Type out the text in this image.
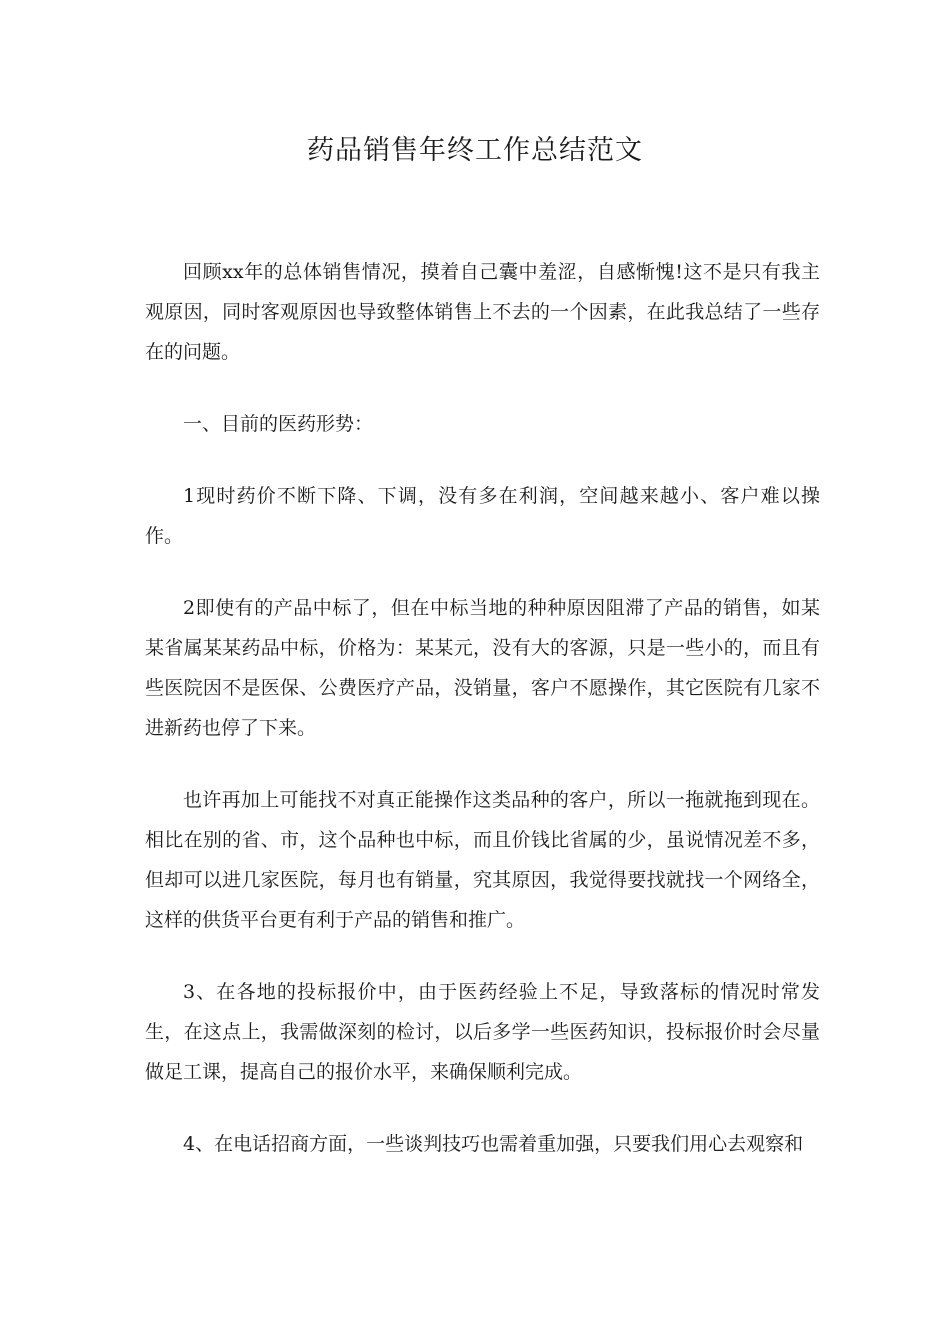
药品销售年终工作总结范文

回顾xx年的总体销售情况，摸着自己囊中羞涩，自感惭愧!这不是只有我主观原因，同时客观原因也导致整体销售上不去的一个因素，在此我总结了一些存在的问题。

一、目前的医药形势：

1现时药价不断下降、下调，没有多在利润，空间越来越小、客户难以操作。

2即使有的产品中标了，但在中标当地的种种原因阻滞了产品的销售，如某某省属某某药品中标，价格为：某某元，没有大的客源，只是一些小的，而且有些医院因不是医保、公费医疗产品，没销量，客户不愿操作，其它医院有几家不进新药也停了下来。

也许再加上可能找不对真正能操作这类品种的客户，所以一拖就拖到现在。相比在别的省、市，这个品种也中标，而且价钱比省属的少，虽说情况差不多，但却可以进几家医院，每月也有销量，究其原因，我觉得要找就找一个网络全，这样的供货平台更有利于产品的销售和推广。

3、在各地的投标报价中，由于医药经验上不足，导致落标的情况时常发生，在这点上，我需做深刻的检讨，以后多学一些医药知识，投标报价时会尽量做足工课，提高自己的报价水平，来确保顺利完成。

4、在电话招商方面，一些谈判技巧也需着重加强，只要我们用心去观察和
